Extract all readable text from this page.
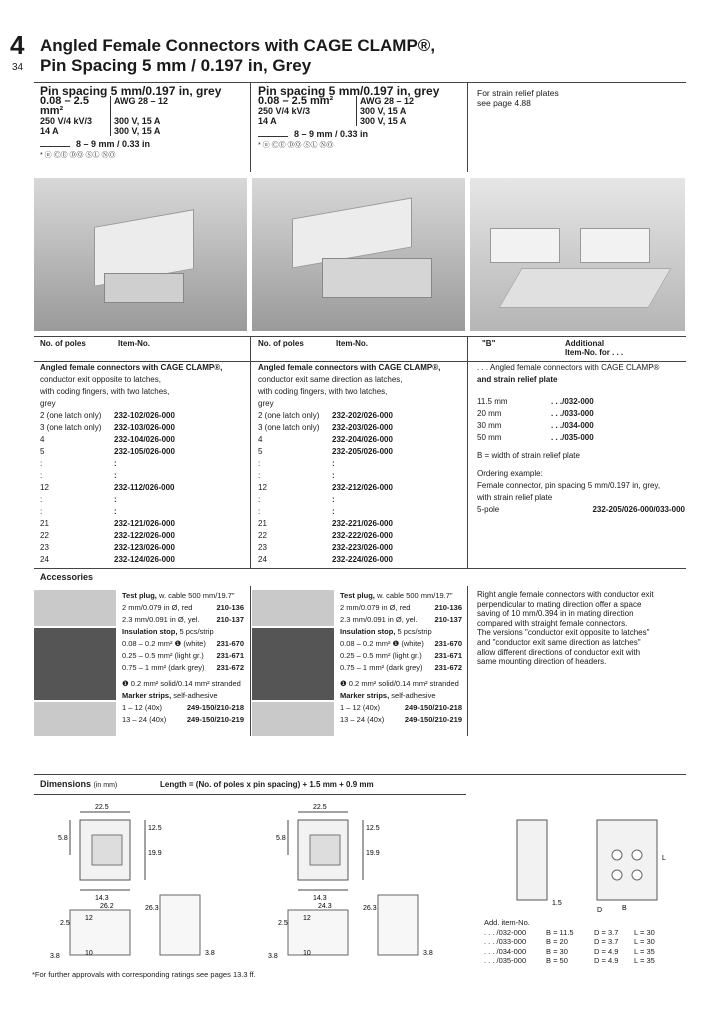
4
34
Angled Female Connectors with CAGE CLAMP®,
Pin Spacing 5 mm / 0.197 in, Grey
Pin spacing 5 mm/0.197 in, grey
0.08 – 2.5 mm²
AWG 28 – 12
250 V/4 kV/3	300 V, 15 A
14 A	300 V, 15 A
8 – 9 mm / 0.33 in
* ⓤ ⒸⒺ ⒹⓆ ⓈⓁ ⓃⓄ
Pin spacing 5 mm/0.197 in, grey
0.08 – 2.5 mm²	AWG 28 – 12
250 V/4 kV/3	300 V, 15 A
14 A	300 V, 15 A
8 – 9 mm / 0.33 in
* ⓤ ⒸⒺ ⒹⓆ ⓈⓁ ⓃⓄ
For strain relief plates
see page 4.88
No. of poles	Item-No.
Angled female connectors with CAGE CLAMP®,
conductor exit opposite to latches,
with coding fingers, with two latches,
grey
2 (one latch only)	232-102/026-000
3 (one latch only)	232-103/026-000
4	232-104/026-000
5	232-105/026-000
:	:
:	:
12	232-112/026-000
:	:
:	:
21	232-121/026-000
22	232-122/026-000
23	232-123/026-000
24	232-124/026-000
No. of poles	Item-No.
Angled female connectors with CAGE CLAMP®,
conductor exit same direction as latches,
with coding fingers, with two latches,
grey
2 (one latch only)	232-202/026-000
3 (one latch only)	232-203/026-000
4	232-204/026-000
5	232-205/026-000
:	:
:	:
12	232-212/026-000
:	:
:	:
21	232-221/026-000
22	232-222/026-000
23	232-223/026-000
24	232-224/026-000
"B"	Additional
Item-No. for . . .
. . . Angled female connectors with CAGE CLAMP®
and strain relief plate
11.5 mm	. . ./032-000
20 mm	. . ./033-000
30 mm	. . ./034-000
50 mm	. . ./035-000
B = width of strain relief plate
Ordering example:
Female connector, pin spacing 5 mm/0.197 in, grey,
with strain relief plate
5-pole	232-205/026-000/033-000
Accessories
Test plug, w. cable 500 mm/19.7"
2 mm/0.079 in Ø, red	210-136
2.3 mm/0.091 in Ø, yel. 210-137
Insulation stop, 5 pcs/strip
0.08 – 0.2 mm² ❶ (white) 231-670
0.25 – 0.5 mm² (light gr.) 231-671
0.75 – 1 mm² (dark grey) 231-672
❶ 0.2 mm² solid/0.14 mm² stranded
Marker strips, self-adhesive
1 – 12 (40x)	249-150/210-218
13 – 24 (40x)	249-150/210-219
Test plug, w. cable 500 mm/19.7"
2 mm/0.079 in Ø, red	210-136
2.3 mm/0.091 in Ø, yel. 210-137
Insulation stop, 5 pcs/strip
0.08 – 0.2 mm² ❶ (white) 231-670
0.25 – 0.5 mm² (light gr.) 231-671
0.75 – 1 mm² (dark grey) 231-672
❶ 0.2 mm² solid/0.14 mm² stranded
Marker strips, self-adhesive
1 – 12 (40x)	249-150/210-218
13 – 24 (40x)	249-150/210-219
Right angle female connectors with conductor exit
perpendicular to mating direction offer a space
saving of 10 mm/0.394 in in mating direction
compared with straight female connectors.
The versions "conductor exit opposite to latches"
and "conductor exit same direction as latches"
allow different directions of conductor exit with
same mounting direction of headers.
Dimensions (in mm)	Length = (No. of poles x pin spacing) + 1.5 mm + 0.9 mm
22.5
5.8
14.3
19.9
12.5
26.2
12
10
3.8
2.5
3.8
26.3
22.5
5.8
14.3
19.9
12.5
24.3
12
10
3.8
2.5
3.8
26.3	B
1.5
D
L
Add. item-No.
. . . /032-000	B = 11.5	D = 3.7	L = 30
. . . /033-000	B = 20	D = 3.7	L = 30
. . . /034-000	B = 30	D = 4.9	L = 35
. . . /035-000	B = 50	D = 4.9	L = 35
*For further approvals with corresponding ratings see pages 13.3 ff.
